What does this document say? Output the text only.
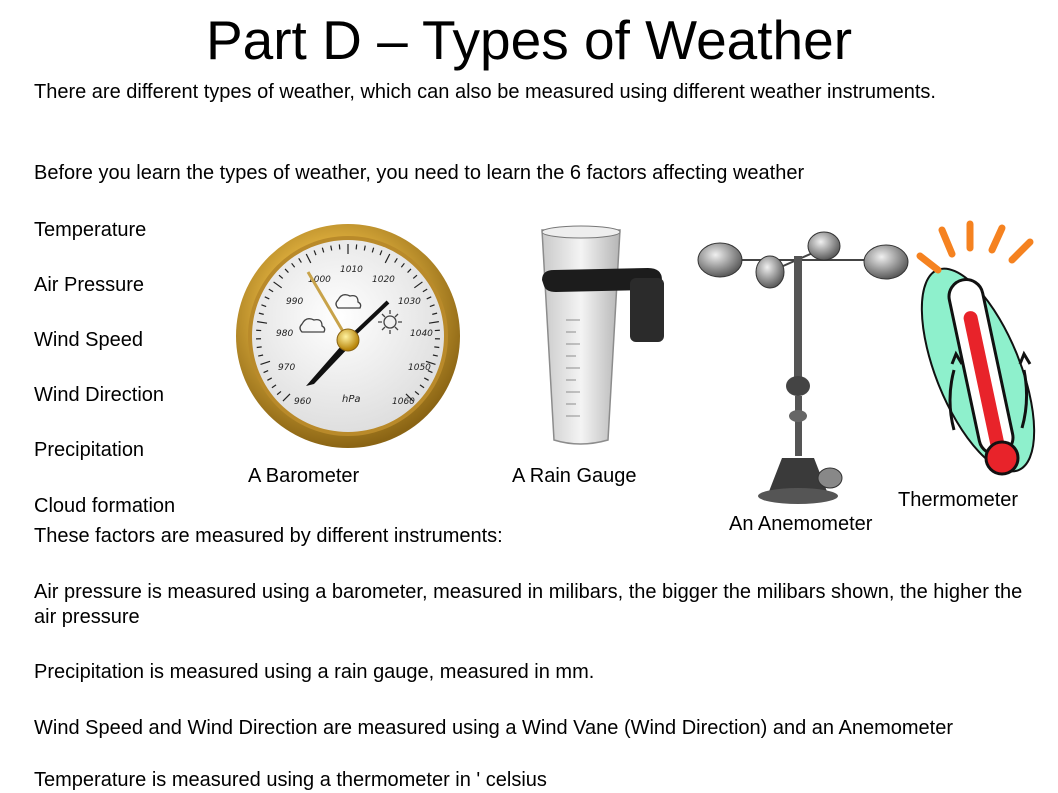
Part D – Types of Weather

There are different types of weather, which can also be measured using different weather instruments.

Before you learn the types of weather, you need to learn the 6 factors affecting weather

Temperature

Air Pressure

Wind Speed

Wind Direction

Precipitation

Cloud formation

960
970
980
990
1000
1010
1020
1030
1040
1050
1060
hPa

A Barometer	A Rain Gauge

An Anemometer

Thermometer

These factors are measured by different instruments:

Air pressure is measured using a barometer, measured in milibars, the bigger the milibars shown, the higher the air pressure

Precipitation is measured using a rain gauge, measured in mm.

Wind Speed and Wind Direction are measured using a Wind Vane (Wind Direction) and an Anemometer

Temperature is measured using a thermometer in ' celsius
